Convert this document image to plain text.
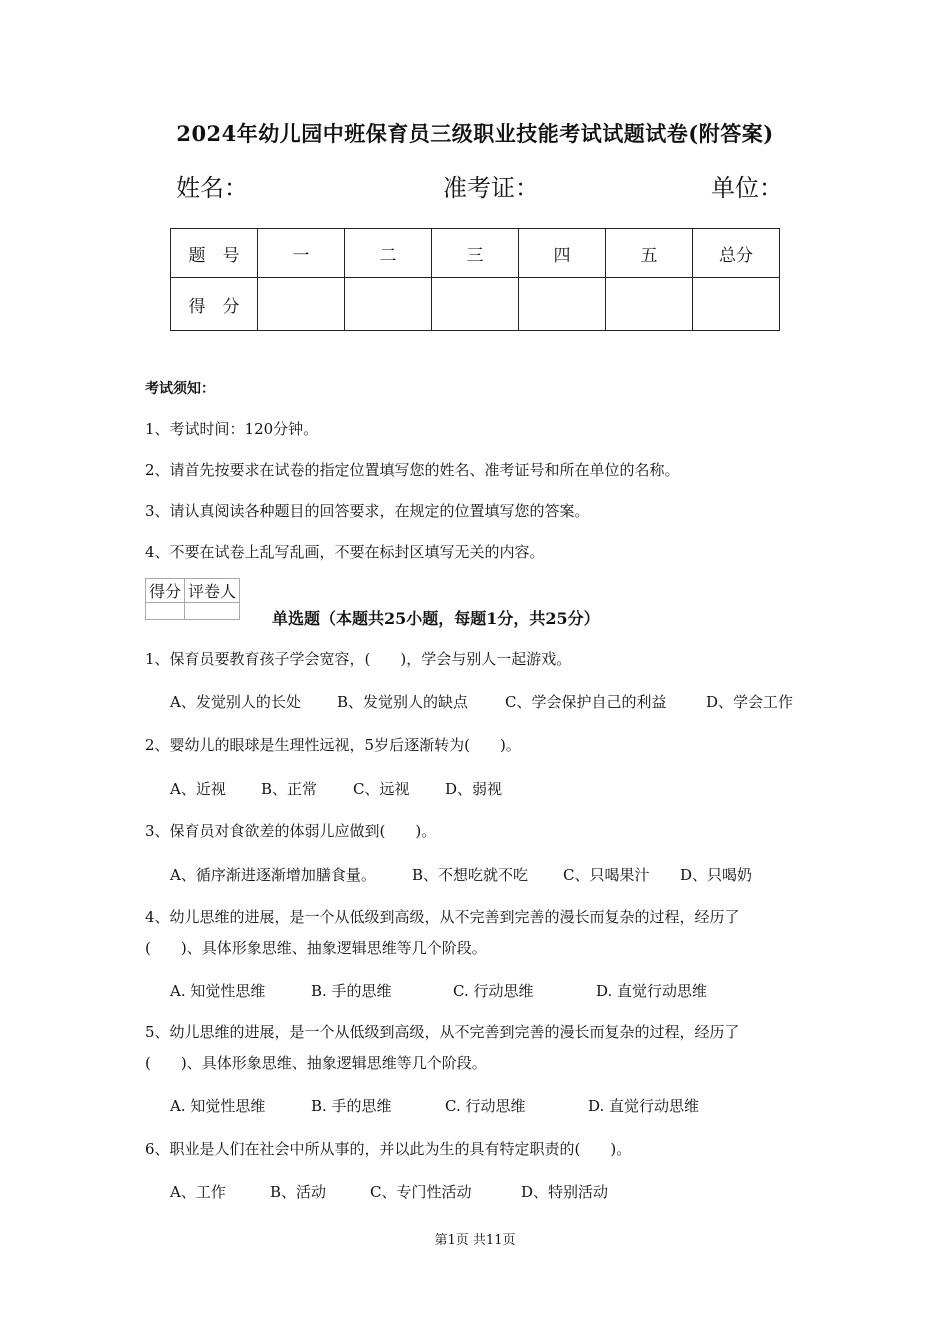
2024年幼儿园中班保育员三级职业技能考试试题试卷(附答案)
姓名：	准考证：	单位：
题　号	一	二	三	四	五	总分
得　分						
考试须知：
1、考试时间：120分钟。
2、请首先按要求在试卷的指定位置填写您的姓名、准考证号和所在单位的名称。
3、请认真阅读各种题目的回答要求，在规定的位置填写您的答案。
4、不要在试卷上乱写乱画，不要在标封区填写无关的内容。
得分	评卷人

单选题（本题共25小题，每题1分，共25分）
1、保育员要教育孩子学会宽容，(　　)，学会与别人一起游戏。
A、发觉别人的长处 B、发觉别人的缺点 C、学会保护自己的利益	D、学会工作
2、婴幼儿的眼球是生理性远视，5岁后逐渐转为(　　)。
A、近视 B、正常 C、远视 D、弱视
3、保育员对食欲差的体弱儿应做到(　　)。
A、循序渐进逐渐增加膳食量。 B、不想吃就不吃 C、只喝果汁 D、只喝奶
4、幼儿思维的进展，是一个从低级到高级，从不完善到完善的漫长而复杂的过程，经历了
(　　)、具体形象思维、抽象逻辑思维等几个阶段。
A. 知觉性思维	B. 手的思维	C. 行动思维	D. 直觉行动思维
5、幼儿思维的进展，是一个从低级到高级，从不完善到完善的漫长而复杂的过程，经历了
(　　)、具体形象思维、抽象逻辑思维等几个阶段。
A. 知觉性思维	B. 手的思维	C. 行动思维	D. 直觉行动思维
6、职业是人们在社会中所从事的，并以此为生的具有特定职责的(　　)。
A、工作	B、活动	C、专门性活动	D、特别活动
第1页 共11页
